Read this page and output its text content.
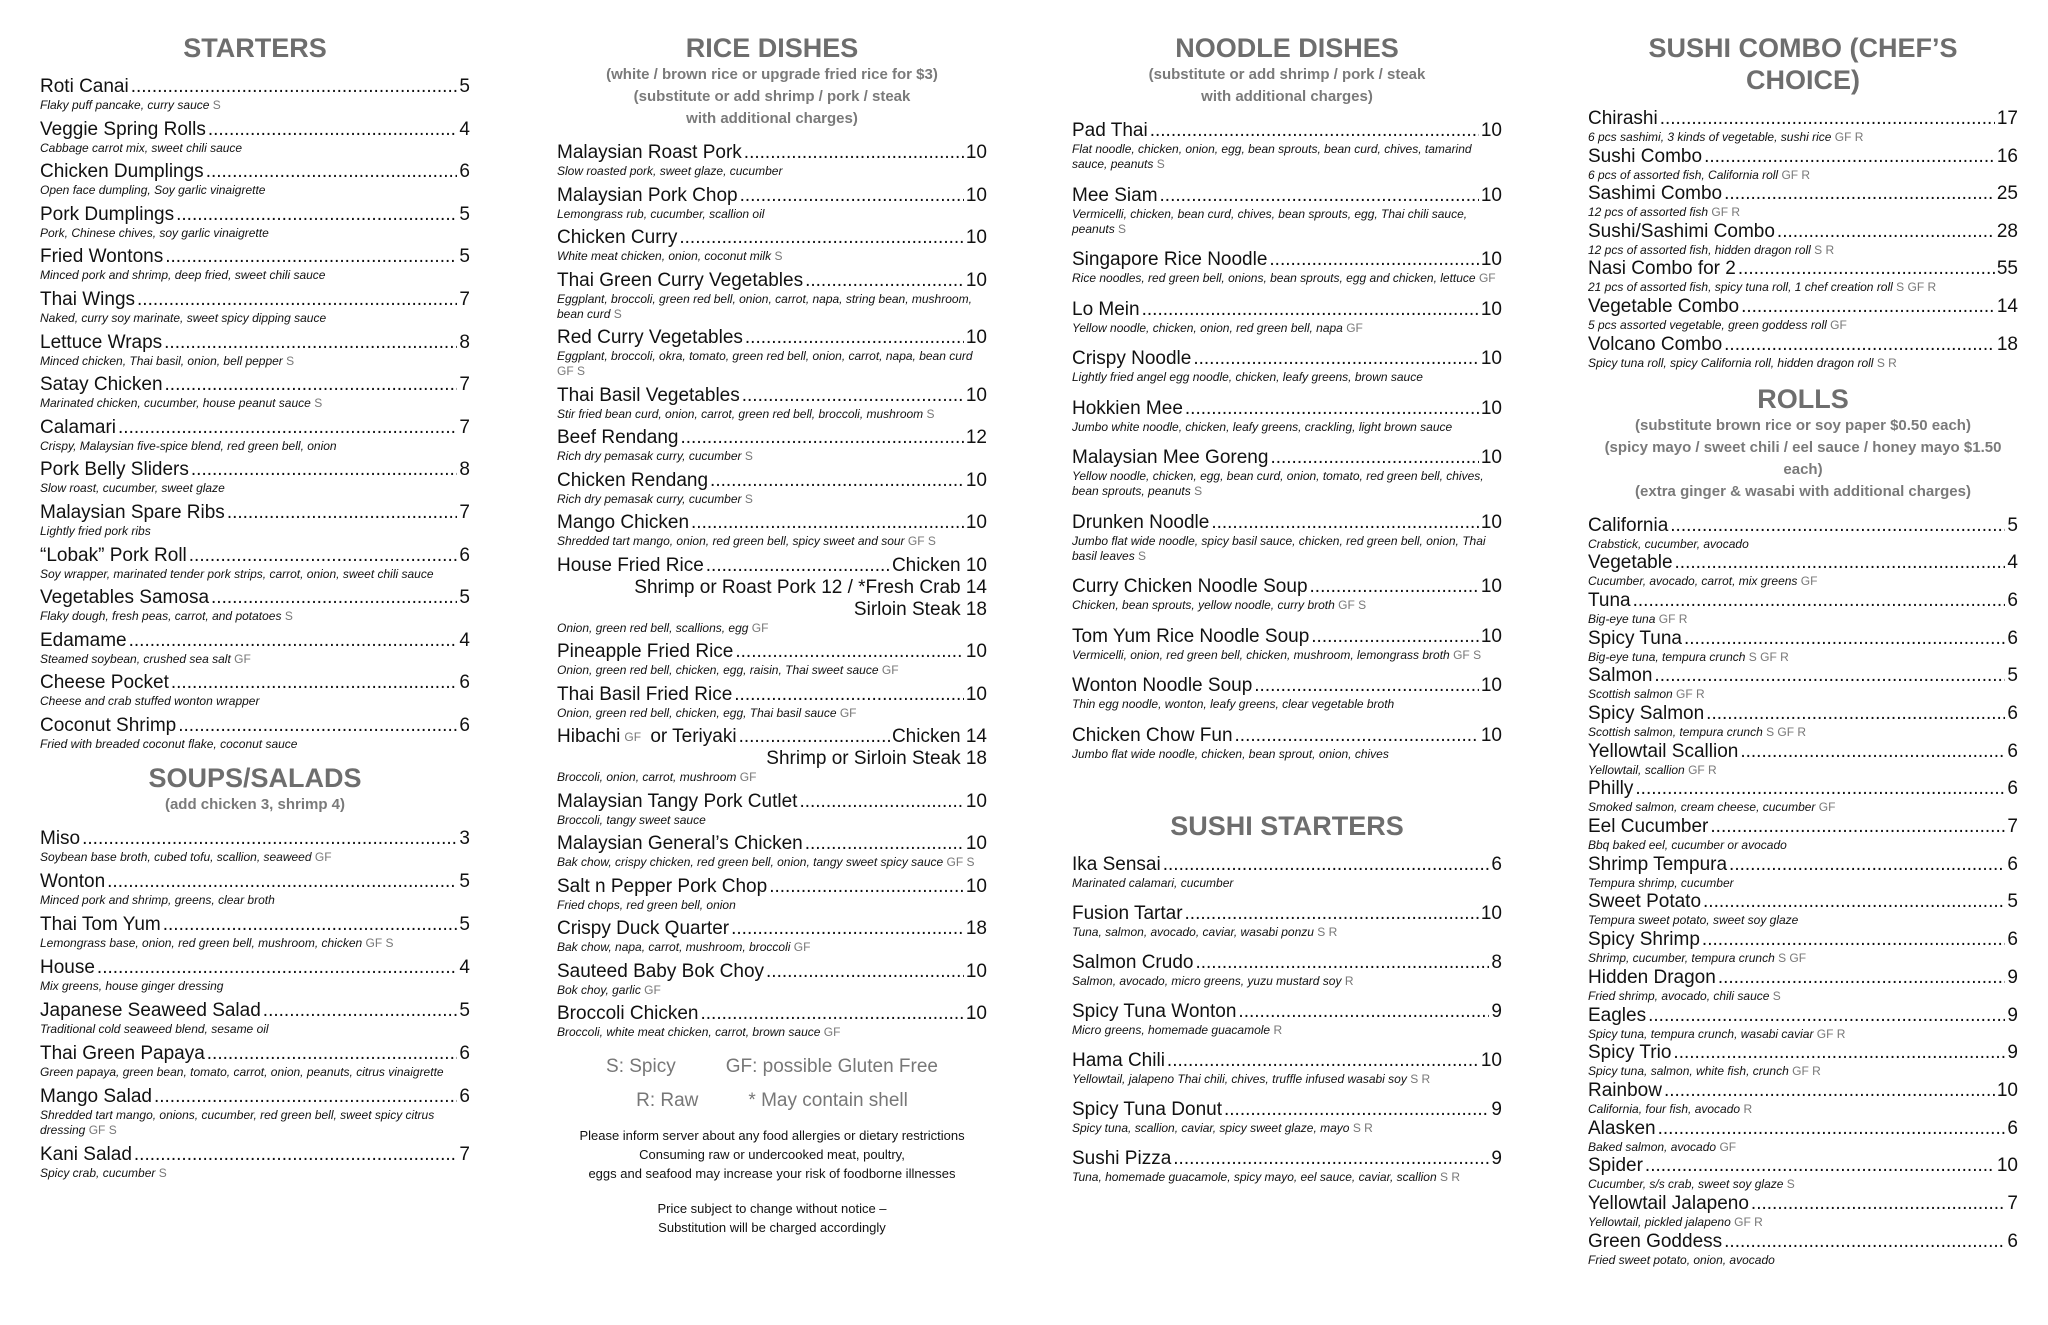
STARTERS
Roti Canai .....	5
Flaky puff pancake, curry sauce S
Veggie Spring Rolls .....	4
Cabbage carrot mix, sweet chili sauce
Chicken Dumplings .....	6
Open face dumpling, Soy garlic vinaigrette
Pork Dumplings .....	5
Pork, Chinese chives, soy garlic vinaigrette
Fried Wontons .....	5
Minced pork and shrimp, deep fried, sweet chili sauce
Thai Wings .....	7
Naked, curry soy marinate, sweet spicy dipping sauce
Lettuce Wraps .....	8
Minced chicken, Thai basil, onion, bell pepper S
Satay Chicken .....	7
Marinated chicken, cucumber, house peanut sauce S
Calamari .....	7
Crispy, Malaysian five-spice blend, red green bell, onion
Pork Belly Sliders .....	8
Slow roast, cucumber, sweet glaze
Malaysian Spare Ribs .....	7
Lightly fried pork ribs
“Lobak” Pork Roll .....	6
Soy wrapper, marinated tender pork strips, carrot, onion, sweet chili sauce
Vegetables Samosa .....	5
Flaky dough, fresh peas, carrot, and potatoes S
Edamame .....	4
Steamed soybean, crushed sea salt GF
Cheese Pocket .....	6
Cheese and crab stuffed wonton wrapper
Coconut Shrimp .....	6
Fried with breaded coconut flake, coconut sauce
SOUPS/SALADS
(add chicken 3, shrimp 4)
Miso .....	3
Soybean base broth, cubed tofu, scallion, seaweed GF
Wonton .....	5
Minced pork and shrimp, greens, clear broth
Thai Tom Yum .....	5
Lemongrass base, onion, red green bell, mushroom, chicken GF S
House .....	4
Mix greens, house ginger dressing
Japanese Seaweed Salad .....	5
Traditional cold seaweed blend, sesame oil
Thai Green Papaya .....	6
Green papaya, green bean, tomato, carrot, onion, peanuts, citrus vinaigrette
Mango Salad .....	6
Shredded tart mango, onions, cucumber, red green bell, sweet spicy citrus dressing GF S
Kani Salad .....	7
Spicy crab, cucumber S
RICE DISHES
(white / brown rice or upgrade fried rice for $3)
(substitute or add shrimp / pork / steak
with additional charges)
Malaysian Roast Pork .....	10
Slow roasted pork, sweet glaze, cucumber
Malaysian Pork Chop .....	10
Lemongrass rub, cucumber, scallion oil
Chicken Curry .....	10
White meat chicken, onion, coconut milk S
Thai Green Curry Vegetables .....	10
Eggplant, broccoli, green red bell, onion, carrot, napa, string bean, mushroom, bean curd S
Red Curry Vegetables .....	10
Eggplant, broccoli, okra, tomato, green red bell, onion, carrot, napa, bean curd GF S
Thai Basil Vegetables .....	10
Stir fried bean curd, onion, carrot, green red bell, broccoli, mushroom S
Beef Rendang .....	12
Rich dry pemasak curry, cucumber S
Chicken Rendang .....	10
Rich dry pemasak curry, cucumber S
Mango Chicken .....	10
Shredded tart mango, onion, red green bell, spicy sweet and sour GF S
House Fried Rice .....	Chicken 10
Shrimp or Roast Pork 12 / *Fresh Crab 14
Sirloin Steak 18
Onion, green red bell, scallions, egg GF
Pineapple Fried Rice .....	10
Onion, green red bell, chicken, egg, raisin, Thai sweet sauce GF
Thai Basil Fried Rice .....	10
Onion, green red bell, chicken, egg, Thai basil sauce GF
Hibachi GF or Teriyaki .....	Chicken 14
Shrimp or Sirloin Steak 18
Broccoli, onion, carrot, mushroom GF
Malaysian Tangy Pork Cutlet .....	10
Broccoli, tangy sweet sauce
Malaysian General’s Chicken .....	10
Bak chow, crispy chicken, red green bell, onion, tangy sweet spicy sauce GF S
Salt n Pepper Pork Chop .....	10
Fried chops, red green bell, onion
Crispy Duck Quarter .....	18
Bak chow, napa, carrot, mushroom, broccoli GF
Sauteed Baby Bok Choy .....	10
Bok choy, garlic GF
Broccoli Chicken .....	10
Broccoli, white meat chicken, carrot, brown sauce GF
S: Spicy	GF: possible Gluten Free
R: Raw	* May contain shell
Please inform server about any food allergies or dietary restrictions
Consuming raw or undercooked meat, poultry,
eggs and seafood may increase your risk of foodborne illnesses
Price subject to change without notice –
Substitution will be charged accordingly
NOODLE DISHES
(substitute or add shrimp / pork / steak
with additional charges)
Pad Thai .....	10
Flat noodle, chicken, onion, egg, bean sprouts, bean curd, chives, tamarind sauce, peanuts S
Mee Siam .....	10
Vermicelli, chicken, bean curd, chives, bean sprouts, egg, Thai chili sauce, peanuts S
Singapore Rice Noodle .....	10
Rice noodles, red green bell, onions, bean sprouts, egg and chicken, lettuce GF
Lo Mein .....	10
Yellow noodle, chicken, onion, red green bell, napa GF
Crispy Noodle .....	10
Lightly fried angel egg noodle, chicken, leafy greens, brown sauce
Hokkien Mee .....	10
Jumbo white noodle, chicken, leafy greens, crackling, light brown sauce
Malaysian Mee Goreng .....	10
Yellow noodle, chicken, egg, bean curd, onion, tomato, red green bell, chives, bean sprouts, peanuts S
Drunken Noodle .....	10
Jumbo flat wide noodle, spicy basil sauce, chicken, red green bell, onion, Thai basil leaves S
Curry Chicken Noodle Soup .....	10
Chicken, bean sprouts, yellow noodle, curry broth GF S
Tom Yum Rice Noodle Soup .....	10
Vermicelli, onion, red green bell, chicken, mushroom, lemongrass broth GF S
Wonton Noodle Soup .....	10
Thin egg noodle, wonton, leafy greens, clear vegetable broth
Chicken Chow Fun .....	10
Jumbo flat wide noodle, chicken, bean sprout, onion, chives
SUSHI STARTERS
Ika Sensai .....	6
Marinated calamari, cucumber
Fusion Tartar .....	10
Tuna, salmon, avocado, caviar, wasabi ponzu S R
Salmon Crudo .....	8
Salmon, avocado, micro greens, yuzu mustard soy R
Spicy Tuna Wonton .....	9
Micro greens, homemade guacamole R
Hama Chili .....	10
Yellowtail, jalapeno Thai chili, chives, truffle infused wasabi soy S R
Spicy Tuna Donut .....	9
Spicy tuna, scallion, caviar, spicy sweet glaze, mayo S R
Sushi Pizza .....	9
Tuna, homemade guacamole, spicy mayo, eel sauce, caviar, scallion S R
SUSHI COMBO (CHEF’S CHOICE)
Chirashi .....	17
6 pcs sashimi, 3 kinds of vegetable, sushi rice GF R
Sushi Combo .....	16
6 pcs of assorted fish, California roll GF R
Sashimi Combo .....	25
12 pcs of assorted fish GF R
Sushi/Sashimi Combo .....	28
12 pcs of assorted fish, hidden dragon roll S R
Nasi Combo for 2 .....	55
21 pcs of assorted fish, spicy tuna roll, 1 chef creation roll S GF R
Vegetable Combo .....	14
5 pcs assorted vegetable, green goddess roll GF
Volcano Combo .....	18
Spicy tuna roll, spicy California roll, hidden dragon roll S R
ROLLS
(substitute brown rice or soy paper $0.50 each)
(spicy mayo / sweet chili / eel sauce / honey mayo $1.50 each)
(extra ginger & wasabi with additional charges)
California .....	5
Crabstick, cucumber, avocado
Vegetable .....	4
Cucumber, avocado, carrot, mix greens GF
Tuna .....	6
Big-eye tuna GF R
Spicy Tuna .....	6
Big-eye tuna, tempura crunch S GF R
Salmon .....	5
Scottish salmon GF R
Spicy Salmon .....	6
Scottish salmon, tempura crunch S GF R
Yellowtail Scallion .....	6
Yellowtail, scallion GF R
Philly .....	6
Smoked salmon, cream cheese, cucumber GF
Eel Cucumber .....	7
Bbq baked eel, cucumber or avocado
Shrimp Tempura .....	6
Tempura shrimp, cucumber
Sweet Potato .....	5
Tempura sweet potato, sweet soy glaze
Spicy Shrimp .....	6
Shrimp, cucumber, tempura crunch S GF
Hidden Dragon .....	9
Fried shrimp, avocado, chili sauce S
Eagles .....	9
Spicy tuna, tempura crunch, wasabi caviar GF R
Spicy Trio .....	9
Spicy tuna, salmon, white fish, crunch GF R
Rainbow .....	10
California, four fish, avocado R
Alasken .....	6
Baked salmon, avocado GF
Spider .....	10
Cucumber, s/s crab, sweet soy glaze S
Yellowtail Jalapeno .....	7
Yellowtail, pickled jalapeno GF R
Green Goddess .....	6
Fried sweet potato, onion, avocado
